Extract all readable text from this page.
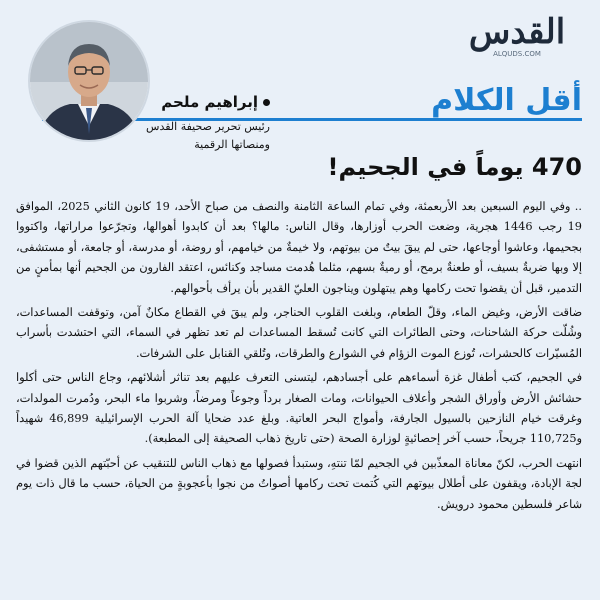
القدس
ALQUDS.COM
أقل الكلام
إبراهيم ملحم
رئيس تحرير صحيفة القدس
ومنصاتها الرقمية
470 يوماً في الجحيم!

.. وفي اليوم السبعين بعد الأربعمئة، وفي تمام الساعة الثامنة والنصف من صباح الأحد، 19 كانون الثاني 2025، الموافق 19 رجب 1446 هجرية، وضعت الحرب أوزارها، وقال الناس: مالها؟ بعد أن كابدوا أهوالها، وتجرّعوا مراراتها، واكتووا بجحيمها، وعاشوا أوجاعها، حتى لم يبقَ بيتٌ من بيوتهم، ولا خيمةٌ من خيامهم، أو روضة، أو مدرسة، أو جامعة، أو مستشفى، إلا وبها ضربةٌ بسيف، أو طعنةٌ برمح، أو رميةٌ بسهم، مثلما هُدمت مساجد وكنائس، اعتقد الفارون من الجحيم أنها بمأمنٍ من التدمير، قبل أن يقضوا تحت ركامها وهم يبتهلون ويناجون العليّ القدير بأن يرأف بأحوالهم.

ضاقت الأرض، وغيض الماء، وقلّ الطعام، وبلغت القلوب الحناجر، ولم يبقَ في القطاع مكانٌ آمن، وتوقفت المساعدات، وشُلّت حركة الشاحنات، وحتى الطائرات التي كانت تُسقط المساعدات لم تعد تظهر في السماء، التي احتشدت بأسراب المُسيّرات كالحشرات، تُوزع الموت الزؤام في الشوارع والطرقات، وتُلقي القنابل على الشرفات.

في الجحيم، كتب أطفال غزة أسماءهم على أجسادهم، ليتسنى التعرف عليهم بعد تناثر أشلائهم، وجاع الناس حتى أكلوا حشائش الأرض وأوراق الشجر وأعلاف الحيوانات، ومات الصغار برداً وجوعاً ومرضاً، وشربوا ماء البحر، ودُمرت المولدات، وغرقت خيام النازحين بالسيول الجارفة، وأمواج البحر العاتية. وبلغ عدد ضحايا آلة الحرب الإسرائيلية 46,899 شهيداً و110,725 جريحاً، حسب آخر إحصائيةٍ لوزارة الصحة (حتى تاريخ ذهاب الصحيفة إلى المطبعة).

انتهت الحرب، لكنّ معاناة المعذّبين في الجحيم لمّا تنتهِ، وستبدأ فصولها مع ذهاب الناس للتنقيب عن أحبّتهم الذين قضوا في لجة الإبادة، ويقفون على أطلال بيوتهم التي كُتمت تحت ركامها أصواتُ من نجوا بأعجوبةٍ من الحياة، حسب ما قال ذات يوم شاعر فلسطين محمود درويش.
